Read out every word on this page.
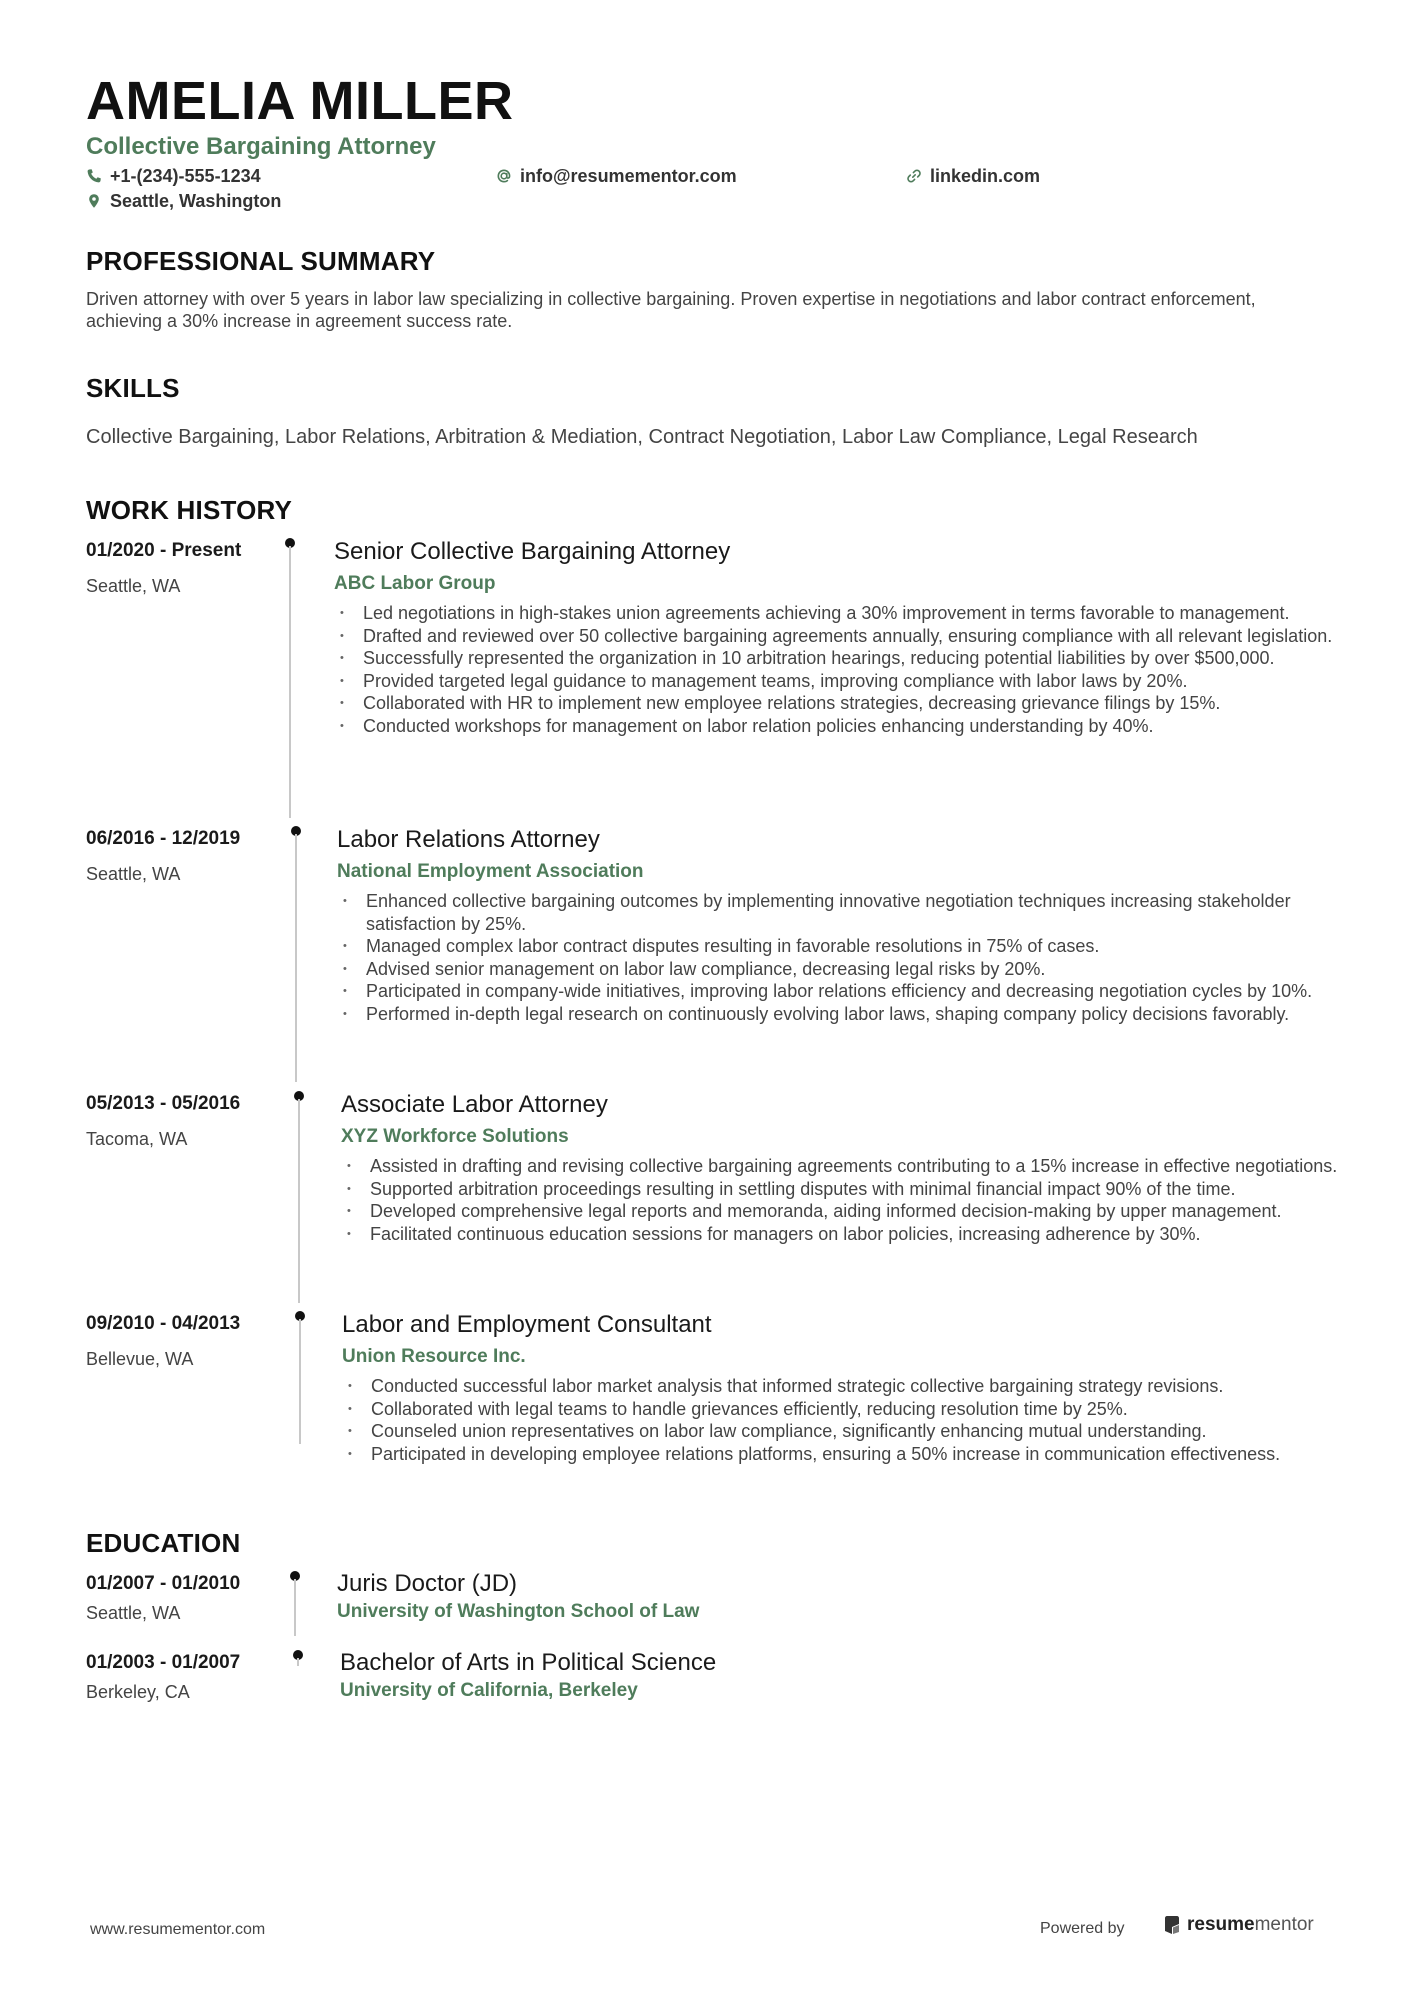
AMELIA MILLER
Collective Bargaining Attorney
+1-(234)-555-1234	info@resumementor.com	linkedin.com
Seattle, Washington
PROFESSIONAL SUMMARY
Driven attorney with over 5 years in labor law specializing in collective bargaining. Proven expertise in negotiations and labor contract enforcement, achieving a 30% increase in agreement success rate.
SKILLS
Collective Bargaining, Labor Relations, Arbitration & Mediation, Contract Negotiation, Labor Law Compliance, Legal Research
WORK HISTORY
01/2020 - Present
Seattle, WA
Senior Collective Bargaining Attorney
ABC Labor Group
• Led negotiations in high-stakes union agreements achieving a 30% improvement in terms favorable to management.
• Drafted and reviewed over 50 collective bargaining agreements annually, ensuring compliance with all relevant legislation.
• Successfully represented the organization in 10 arbitration hearings, reducing potential liabilities by over $500,000.
• Provided targeted legal guidance to management teams, improving compliance with labor laws by 20%.
• Collaborated with HR to implement new employee relations strategies, decreasing grievance filings by 15%.
• Conducted workshops for management on labor relation policies enhancing understanding by 40%.
06/2016 - 12/2019
Seattle, WA
Labor Relations Attorney
National Employment Association
• Enhanced collective bargaining outcomes by implementing innovative negotiation techniques increasing stakeholder satisfaction by 25%.
• Managed complex labor contract disputes resulting in favorable resolutions in 75% of cases.
• Advised senior management on labor law compliance, decreasing legal risks by 20%.
• Participated in company-wide initiatives, improving labor relations efficiency and decreasing negotiation cycles by 10%.
• Performed in-depth legal research on continuously evolving labor laws, shaping company policy decisions favorably.
05/2013 - 05/2016
Tacoma, WA
Associate Labor Attorney
XYZ Workforce Solutions
• Assisted in drafting and revising collective bargaining agreements contributing to a 15% increase in effective negotiations.
• Supported arbitration proceedings resulting in settling disputes with minimal financial impact 90% of the time.
• Developed comprehensive legal reports and memoranda, aiding informed decision-making by upper management.
• Facilitated continuous education sessions for managers on labor policies, increasing adherence by 30%.
09/2010 - 04/2013
Bellevue, WA
Labor and Employment Consultant
Union Resource Inc.
• Conducted successful labor market analysis that informed strategic collective bargaining strategy revisions.
• Collaborated with legal teams to handle grievances efficiently, reducing resolution time by 25%.
• Counseled union representatives on labor law compliance, significantly enhancing mutual understanding.
• Participated in developing employee relations platforms, ensuring a 50% increase in communication effectiveness.
EDUCATION
01/2007 - 01/2010
Seattle, WA
Juris Doctor (JD)
University of Washington School of Law
01/2003 - 01/2007
Berkeley, CA
Bachelor of Arts in Political Science
University of California, Berkeley
www.resumementor.com	Powered by	resume mentor
